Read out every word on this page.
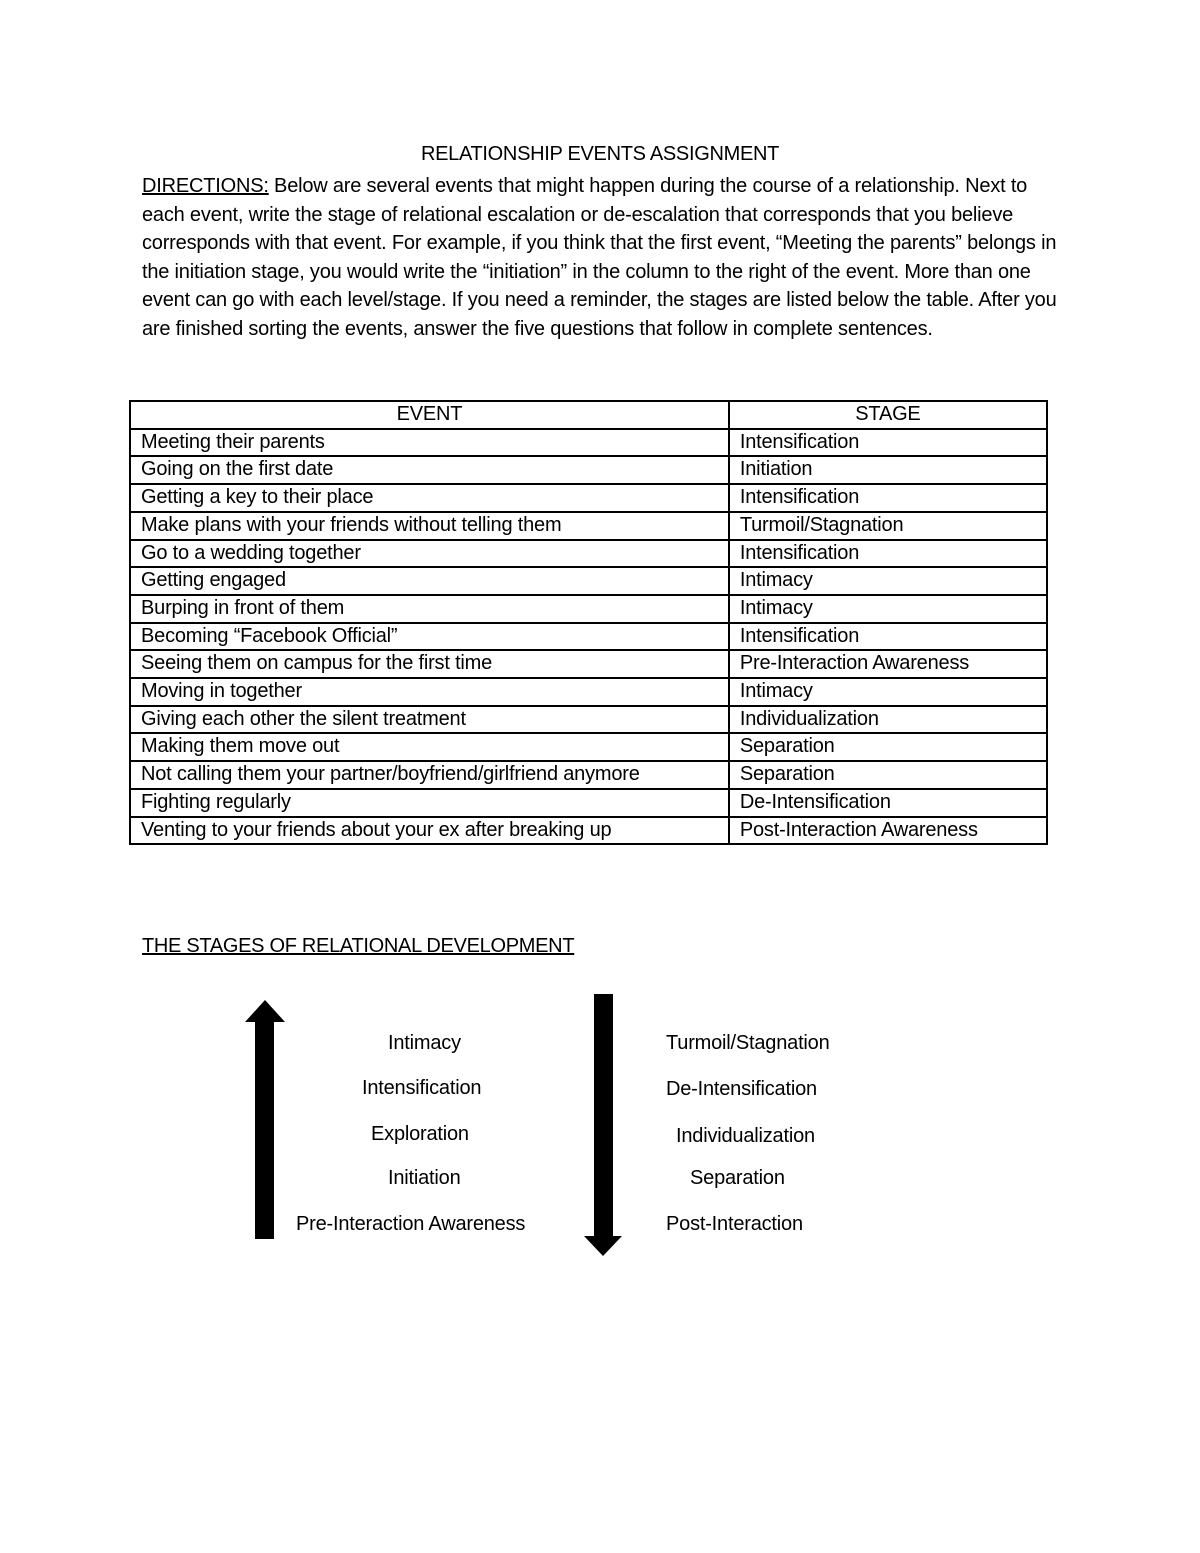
RELATIONSHIP EVENTS ASSIGNMENT
DIRECTIONS: Below are several events that might happen during the course of a relationship. Next to each event, write the stage of relational escalation or de-escalation that corresponds that you believe corresponds with that event. For example, if you think that the first event, “Meeting the parents” belongs in the initiation stage, you would write the “initiation” in the column to the right of the event. More than one event can go with each level/stage. If you need a reminder, the stages are listed below the table. After you are finished sorting the events, answer the five questions that follow in complete sentences.
EVENT	STAGE
Meeting their parents	Intensification
Going on the first date	Initiation
Getting a key to their place	Intensification
Make plans with your friends without telling them	Turmoil/Stagnation
Go to a wedding together	Intensification
Getting engaged	Intimacy
Burping in front of them	Intimacy
Becoming “Facebook Official”	Intensification
Seeing them on campus for the first time	Pre-Interaction Awareness
Moving in together	Intimacy
Giving each other the silent treatment	Individualization
Making them move out	Separation
Not calling them your partner/boyfriend/girlfriend anymore	Separation
Fighting regularly	De-Intensification
Venting to your friends about your ex after breaking up	Post-Interaction Awareness
THE STAGES OF RELATIONAL DEVELOPMENT
Intimacy
Intensification
Exploration
Initiation
Pre-Interaction Awareness
Turmoil/Stagnation
De-Intensification
Individualization
Separation
Post-Interaction
